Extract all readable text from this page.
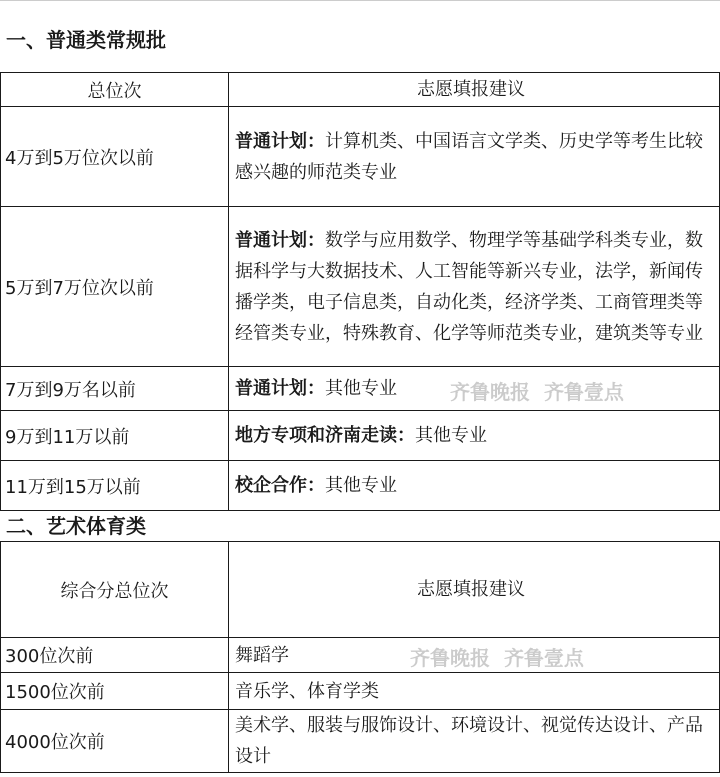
一、普通类常规批
总位次	志愿填报建议
4万到5万位次以前	普通计划：计算机类、中国语言文学类、历史学等考生比较感兴趣的师范类专业
5万到7万位次以前	普通计划：数学与应用数学、物理学等基础学科类专业，数据科学与大数据技术、人工智能等新兴专业，法学，新闻传播学类，电子信息类，自动化类，经济学类、工商管理类等经管类专业，特殊教育、化学等师范类专业，建筑类等专业
7万到9万名以前	普通计划：其他专业
9万到11万以前	地方专项和济南走读：其他专业
11万到15万以前	校企合作：其他专业
二、艺术体育类
综合分总位次	志愿填报建议
300位次前	舞蹈学
1500位次前	音乐学、体育学类
4000位次前	美术学、服装与服饰设计、环境设计、视觉传达设计、产品设计
齐鲁晚报 齐鲁壹点
齐鲁晚报 齐鲁壹点
